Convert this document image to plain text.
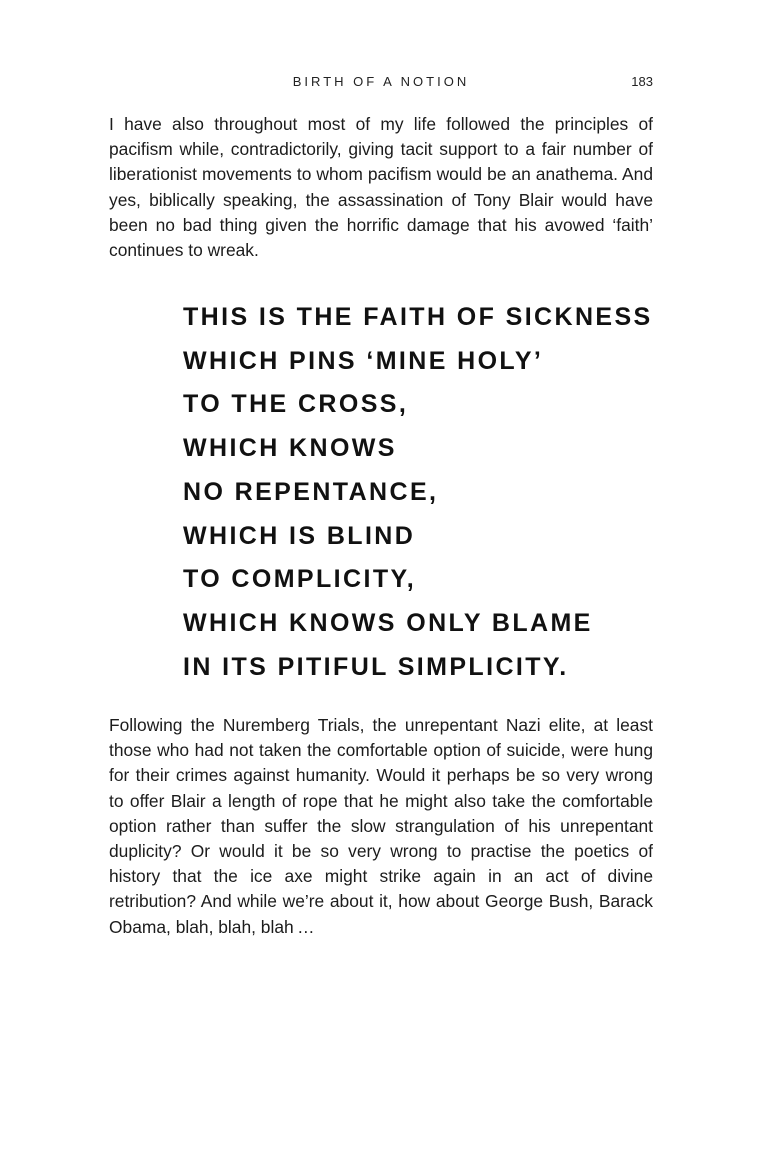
BIRTH OF A NOTION	183

I have also throughout most of my life followed the principles of pacifism while, contradictorily, giving tacit support to a fair number of liberationist movements to whom pacifism would be an anathema. And yes, biblically speaking, the assassination of Tony Blair would have been no bad thing given the horrific damage that his avowed ‘faith’ continues to wreak.

THIS IS THE FAITH OF SICKNESS
WHICH PINS ‘MINE HOLY’
TO THE CROSS,
WHICH KNOWS
NO REPENTANCE,
WHICH IS BLIND
TO COMPLICITY,
WHICH KNOWS ONLY BLAME
IN ITS PITIFUL SIMPLICITY.

Following the Nuremberg Trials, the unrepentant Nazi elite, at least those who had not taken the comfortable option of suicide, were hung for their crimes against humanity. Would it perhaps be so very wrong to offer Blair a length of rope that he might also take the comfortable option rather than suffer the slow strangulation of his unrepentant duplicity? Or would it be so very wrong to practise the poetics of history that the ice axe might strike again in an act of divine retribution? And while we’re about it, how about George Bush, Barack Obama, blah, blah, blah …
